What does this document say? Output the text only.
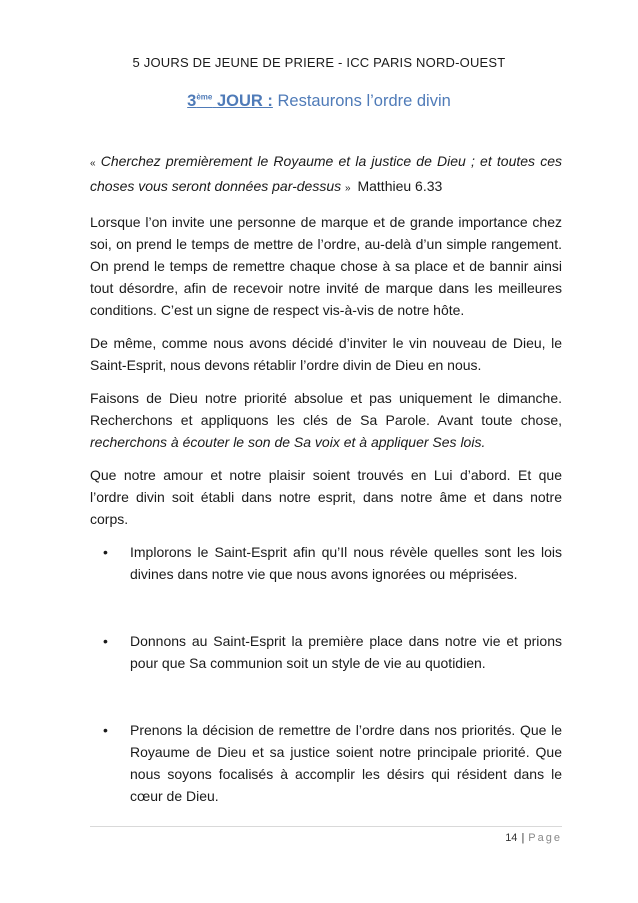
5 JOURS DE JEUNE DE PRIERE - ICC PARIS NORD-OUEST
3ème JOUR : Restaurons l’ordre divin

« Cherchez premièrement le Royaume et la justice de Dieu ; et toutes ces choses vous seront données par-dessus » Matthieu 6.33

Lorsque l’on invite une personne de marque et de grande importance chez soi, on prend le temps de mettre de l’ordre, au-delà d’un simple rangement. On prend le temps de remettre chaque chose à sa place et de bannir ainsi tout désordre, afin de recevoir notre invité de marque dans les meilleures conditions. C’est un signe de respect vis-à-vis de notre hôte.

De même, comme nous avons décidé d’inviter le vin nouveau de Dieu, le Saint-Esprit, nous devons rétablir l’ordre divin de Dieu en nous.

Faisons de Dieu notre priorité absolue et pas uniquement le dimanche. Recherchons et appliquons les clés de Sa Parole. Avant toute chose, recherchons à écouter le son de Sa voix et à appliquer Ses lois.

Que notre amour et notre plaisir soient trouvés en Lui d’abord. Et que l’ordre divin soit établi dans notre esprit, dans notre âme et dans notre corps.

• Implorons le Saint-Esprit afin qu’Il nous révèle quelles sont les lois divines dans notre vie que nous avons ignorées ou méprisées.
• Donnons au Saint-Esprit la première place dans notre vie et prions pour que Sa communion soit un style de vie au quotidien.
• Prenons la décision de remettre de l’ordre dans nos priorités. Que le Royaume de Dieu et sa justice soient notre principale priorité. Que nous soyons focalisés à accomplir les désirs qui résident dans le cœur de Dieu.
14 | Page
